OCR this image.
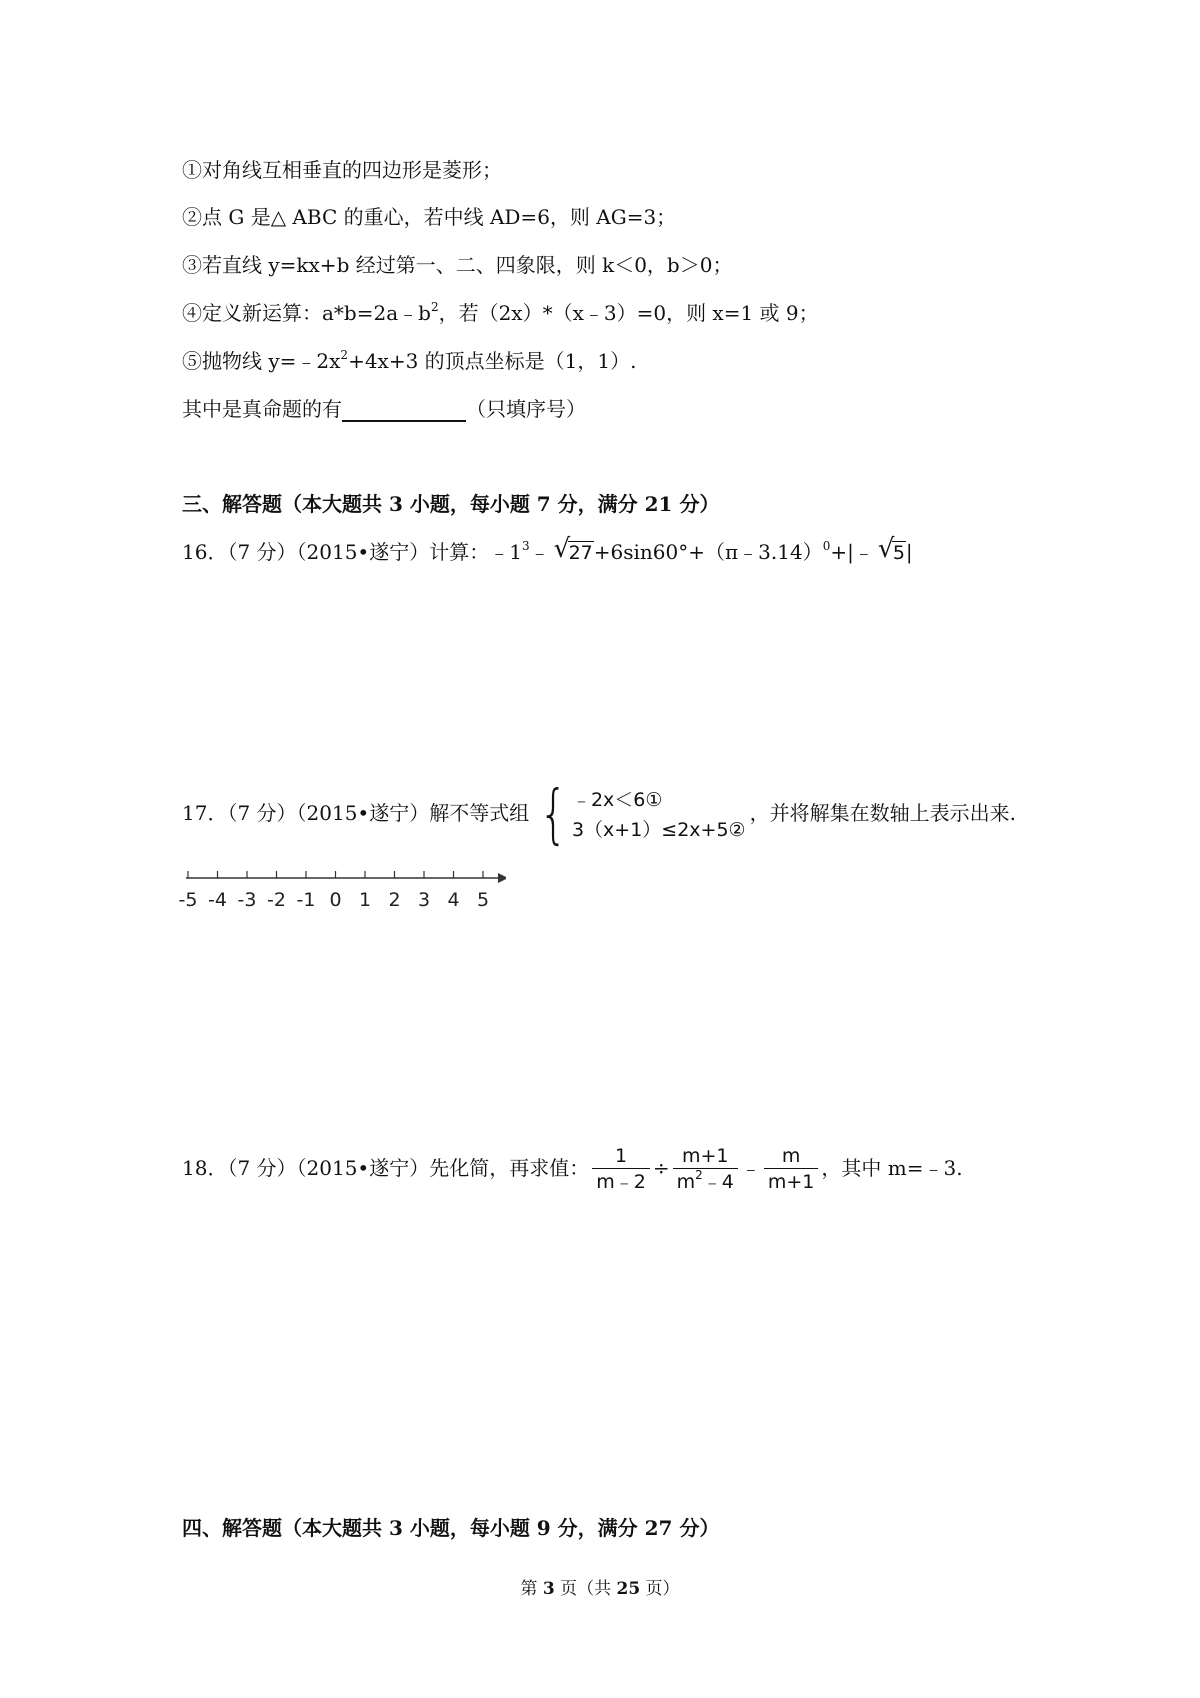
①对角线互相垂直的四边形是菱形；
②点 G 是△ ABC 的重心，若中线 AD=6，则 AG=3；
③若直线 y=kx+b 经过第一、二、四象限，则 k＜0，b＞0；
④定义新运算：$a*b=2a﹣b^2$，若（2x）*（x﹣3）=0，则 x=1 或 9；
⑤抛物线 $y=﹣2x^2+4x+3$ 的顶点坐标是（1，1）.
其中是真命题的有	（只填序号）
三、解答题（本大题共 3 小题，每小题 7 分，满分 21 分）
16．（7 分）（2015•遂宁）计算：$﹣1^3﹣$ √
27+6sin60°+（π﹣3.14）$^0$+|﹣ √
5|
17．（7 分）（2015•遂宁）解不等式组 { ﹣2x＜6①
3（x+1）≤2x+5②
，并将解集在数轴上表示出来.
-5 -4 -3 -2 -1 0 1 2 3 4 5
18．（7 分）（2015•遂宁）先化简，再求值： $\frac{1}{m﹣2} \div \frac{m+1}{m^2﹣4}$ ﹣ $\frac{m}{m+1}$ ，其中 m=﹣3.
四、解答题（本大题共 3 小题，每小题 9 分，满分 27 分）
第 3 页（共 25 页）
